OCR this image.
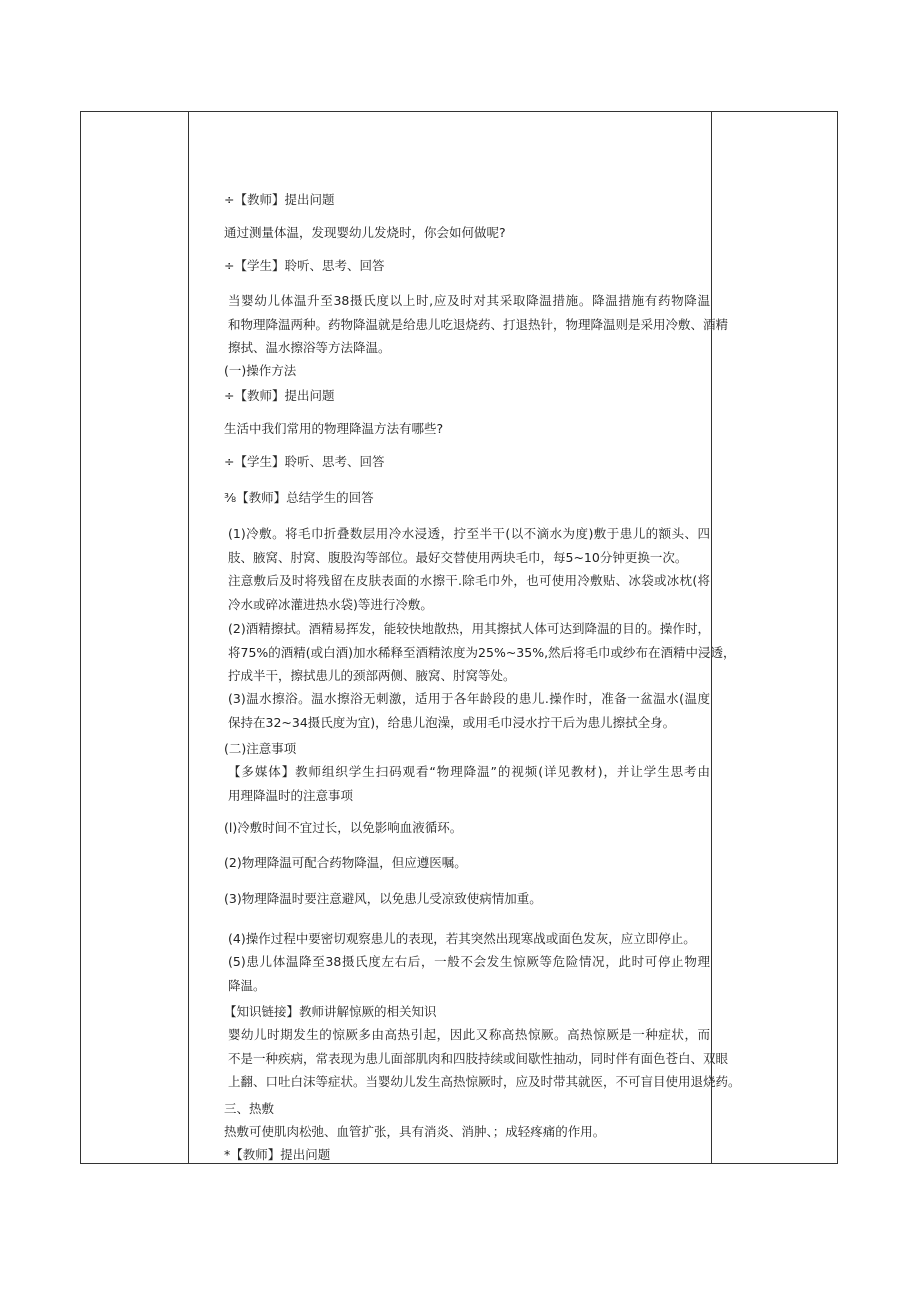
÷【教师】提出问题
通过测量体温，发现婴幼儿发烧时，你会如何做呢?
÷【学生】聆听、思考、回答
当婴幼儿体温升至38摄氏度以上时,应及时对其采取降温措施。降温措施有药物降温
和物理降温两种。药物降温就是给患儿吃退烧药、打退热针，物理降温则是采用冷敷、酒精
擦拭、温水擦浴等方法降温。
(一)操作方法
÷【教师】提出问题
生活中我们常用的物理降温方法有哪些?
÷【学生】聆听、思考、回答
⅜【教师】总结学生的回答
(1)冷敷。将毛巾折叠数层用冷水浸透，拧至半干(以不滴水为度)敷于患儿的额头、四
肢、腋窝、肘窝、腹股沟等部位。最好交替使用两块毛巾，每5~10分钟更换一次。
注意敷后及时将残留在皮肤表面的水擦干.除毛巾外，也可使用冷敷贴、冰袋或冰枕(将
冷水或碎冰灌进热水袋)等进行冷敷。
(2)酒精擦拭。酒精易挥发，能较快地散热，用其擦拭人体可达到降温的目的。操作时，
将75%的酒精(或白酒)加水稀释至酒精浓度为25%~35%,然后将毛巾或纱布在酒精中浸透，
拧成半干，擦拭患儿的颈部两侧、腋窝、肘窝等处。
(3)温水擦浴。温水擦浴无刺激，适用于各年龄段的患儿.操作时，准备一盆温水(温度
保持在32~34摄氏度为宜)，给患儿泡澡，或用毛巾浸水拧干后为患儿擦拭全身。
(二)注意事项
【多媒体】教师组织学生扫码观看“物理降温”的视频(详见教材)，并让学生思考由
用理降温时的注意事项
(l)冷敷时间不宜过长，以免影响血液循环。
(2)物理降温可配合药物降温，但应遵医嘱。
(3)物理降温时要注意避风，以免患儿受凉致使病情加重。
(4)操作过程中要密切观察患儿的表现，若其突然出现寒战或面色发灰，应立即停止。
(5)患儿体温降至38摄氏度左右后，一般不会发生惊厥等危险情况，此时可停止物理
降温。
【知识链接】教师讲解惊厥的相关知识
婴幼儿时期发生的惊厥多由高热引起，因此又称高热惊厥。高热惊厥是一种症状，而
不是一种疾病，常表现为患儿面部肌肉和四肢持续或间歇性抽动，同时伴有面色苍白、双眼
上翻、口吐白沫等症状。当婴幼儿发生高热惊厥时，应及时带其就医，不可盲目使用退烧药。
三、热敷
热敷可使肌肉松弛、血管扩张，具有消炎、消肿、；成轻疼痛的作用。
*【教师】提出问题
